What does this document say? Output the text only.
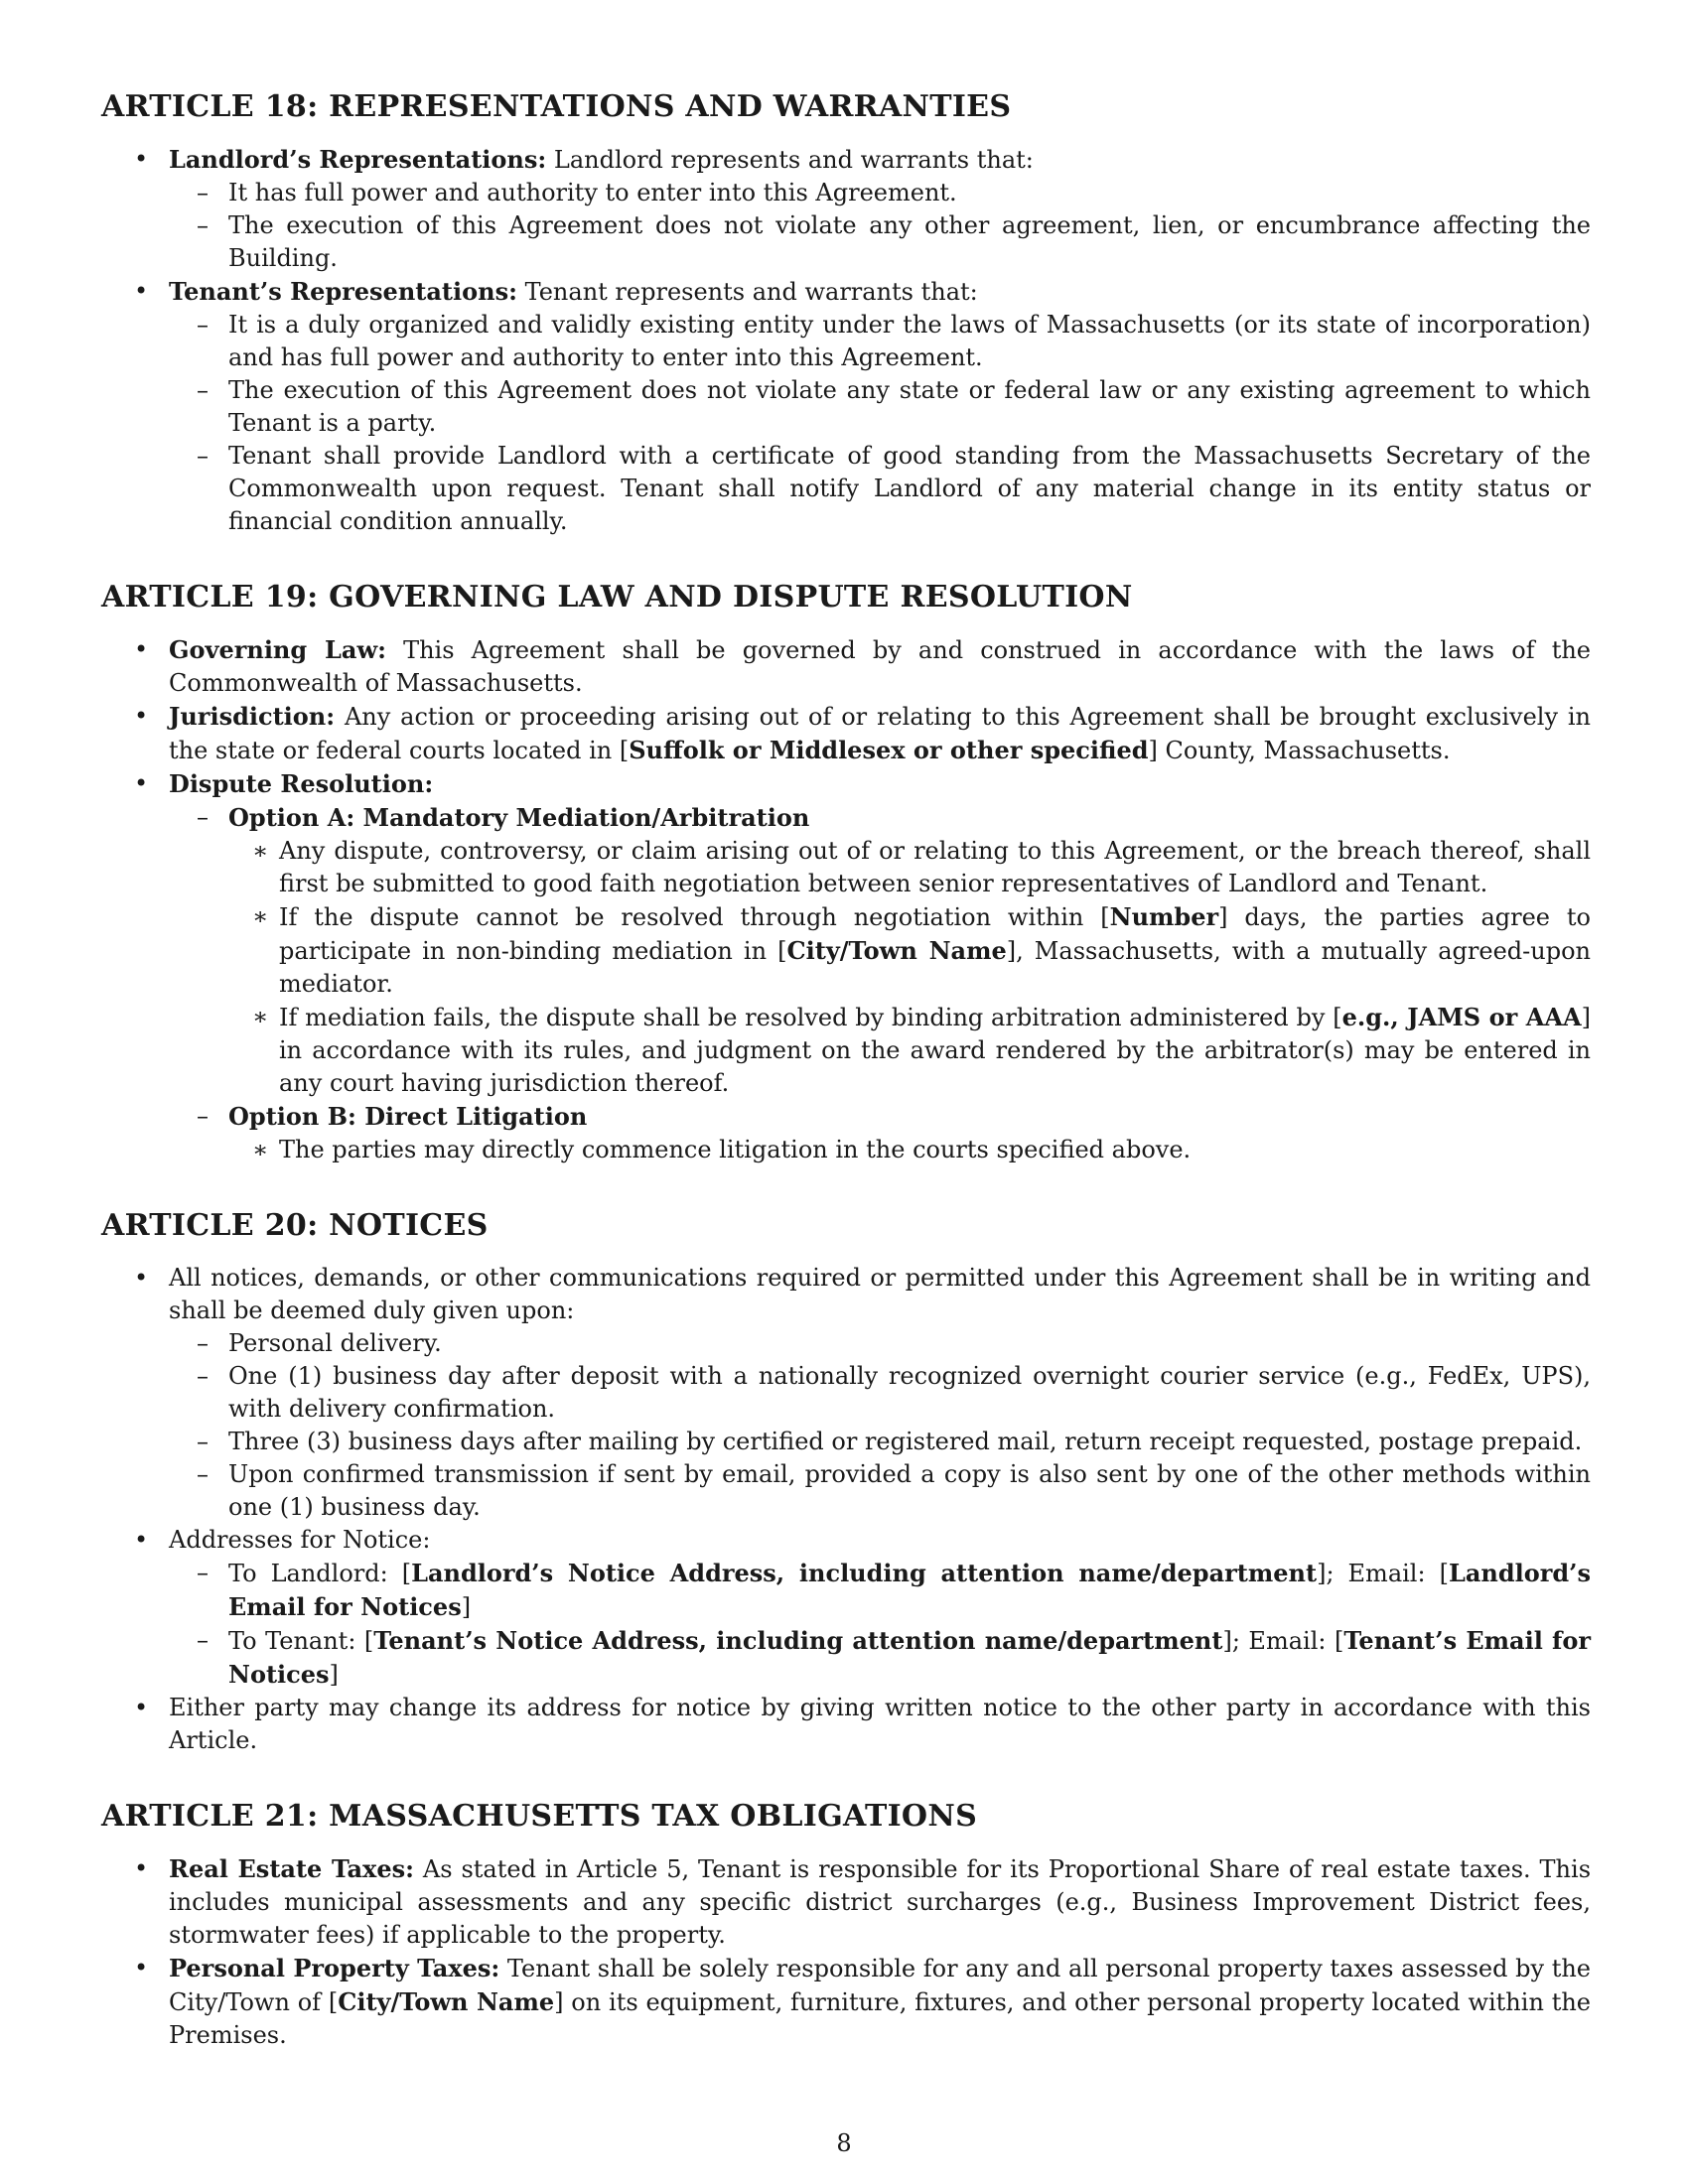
ARTICLE 18: REPRESENTATIONS AND WARRANTIES
• Landlord’s Representations: Landlord represents and warrants that:
– It has full power and authority to enter into this Agreement.
– The execution of this Agreement does not violate any other agreement, lien, or encumbrance affecting the Building.
• Tenant’s Representations: Tenant represents and warrants that:
– It is a duly organized and validly existing entity under the laws of Massachusetts (or its state of incorporation) and has full power and authority to enter into this Agreement.
– The execution of this Agreement does not violate any state or federal law or any existing agreement to which Tenant is a party.
– Tenant shall provide Landlord with a certificate of good standing from the Massachusetts Secretary of the Commonwealth upon request. Tenant shall notify Landlord of any material change in its entity status or financial condition annually.
ARTICLE 19: GOVERNING LAW AND DISPUTE RESOLUTION
• Governing Law: This Agreement shall be governed by and construed in accordance with the laws of the Commonwealth of Massachusetts.
• Jurisdiction: Any action or proceeding arising out of or relating to this Agreement shall be brought exclusively in the state or federal courts located in [Suffolk or Middlesex or other specified] County, Massachusetts.
• Dispute Resolution:
– Option A: Mandatory Mediation/Arbitration
∗ Any dispute, controversy, or claim arising out of or relating to this Agreement, or the breach thereof, shall first be submitted to good faith negotiation between senior representatives of Landlord and Tenant.
∗ If the dispute cannot be resolved through negotiation within [Number] days, the parties agree to participate in non-binding mediation in [City/Town Name], Massachusetts, with a mutually agreed-upon mediator.
∗ If mediation fails, the dispute shall be resolved by binding arbitration administered by [e.g., JAMS or AAA] in accordance with its rules, and judgment on the award rendered by the arbitrator(s) may be entered in any court having jurisdiction thereof.
– Option B: Direct Litigation
∗ The parties may directly commence litigation in the courts specified above.
ARTICLE 20: NOTICES
• All notices, demands, or other communications required or permitted under this Agreement shall be in writing and shall be deemed duly given upon:
– Personal delivery.
– One (1) business day after deposit with a nationally recognized overnight courier service (e.g., FedEx, UPS), with delivery confirmation.
– Three (3) business days after mailing by certified or registered mail, return receipt requested, postage prepaid.
– Upon confirmed transmission if sent by email, provided a copy is also sent by one of the other methods within one (1) business day.
• Addresses for Notice:
– To Landlord: [Landlord’s Notice Address, including attention name/department]; Email: [Landlord’s Email for Notices]
– To Tenant: [Tenant’s Notice Address, including attention name/department]; Email: [Tenant’s Email for Notices]
• Either party may change its address for notice by giving written notice to the other party in accordance with this Article.
ARTICLE 21: MASSACHUSETTS TAX OBLIGATIONS
• Real Estate Taxes: As stated in Article 5, Tenant is responsible for its Proportional Share of real estate taxes. This includes municipal assessments and any specific district surcharges (e.g., Business Improvement District fees, stormwater fees) if applicable to the property.
• Personal Property Taxes: Tenant shall be solely responsible for any and all personal property taxes assessed by the City/Town of [City/Town Name] on its equipment, furniture, fixtures, and other personal property located within the Premises.
8
